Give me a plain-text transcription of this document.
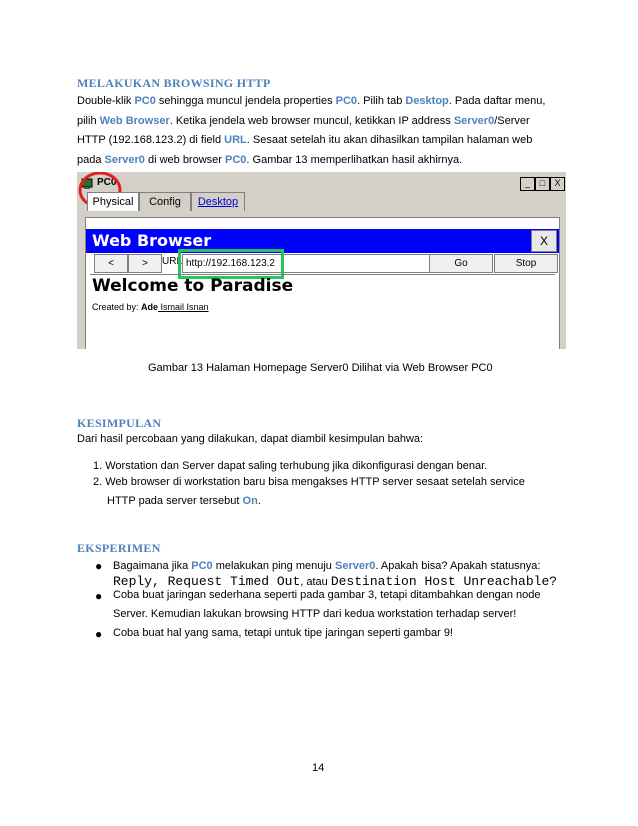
MELAKUKAN BROWSING HTTP
Double-klik PC0 sehingga muncul jendela properties PC0. Pilih tab Desktop. Pada daftar menu,
pilih Web Browser. Ketika jendela web browser muncul, ketikkan IP address Server0/Server
HTTP (192.168.123.2) di field URL. Sesaat setelah itu akan dihasilkan tampilan halaman web
pada Server0 di web browser PC0. Gambar 13 memperlihatkan hasil akhirnya.
PC0	_	□	X
Physical	Config	Desktop
Web Browser	X
<	>	URL http://192.168.123.2	Go	Stop
Welcome to Paradise
Created by: Ade Ismail Isnan
Gambar 13 Halaman Homepage Server0 Dilihat via Web Browser PC0
KESIMPULAN
Dari hasil percobaan yang dilakukan, dapat diambil kesimpulan bahwa:
1. Worstation dan Server dapat saling terhubung jika dikonfigurasi dengan benar.
2. Web browser di workstation baru bisa mengakses HTTP server sesaat setelah service
HTTP pada server tersebut On.
EKSPERIMEN
● Bagaimana jika PC0 melakukan ping menuju Server0. Apakah bisa? Apakah statusnya:
Reply, Request Timed Out, atau Destination Host Unreachable?
● Coba buat jaringan sederhana seperti pada gambar 3, tetapi ditambahkan dengan node
Server. Kemudian lakukan browsing HTTP dari kedua workstation terhadap server!
● Coba buat hal yang sama, tetapi untuk tipe jaringan seperti gambar 9!
14
